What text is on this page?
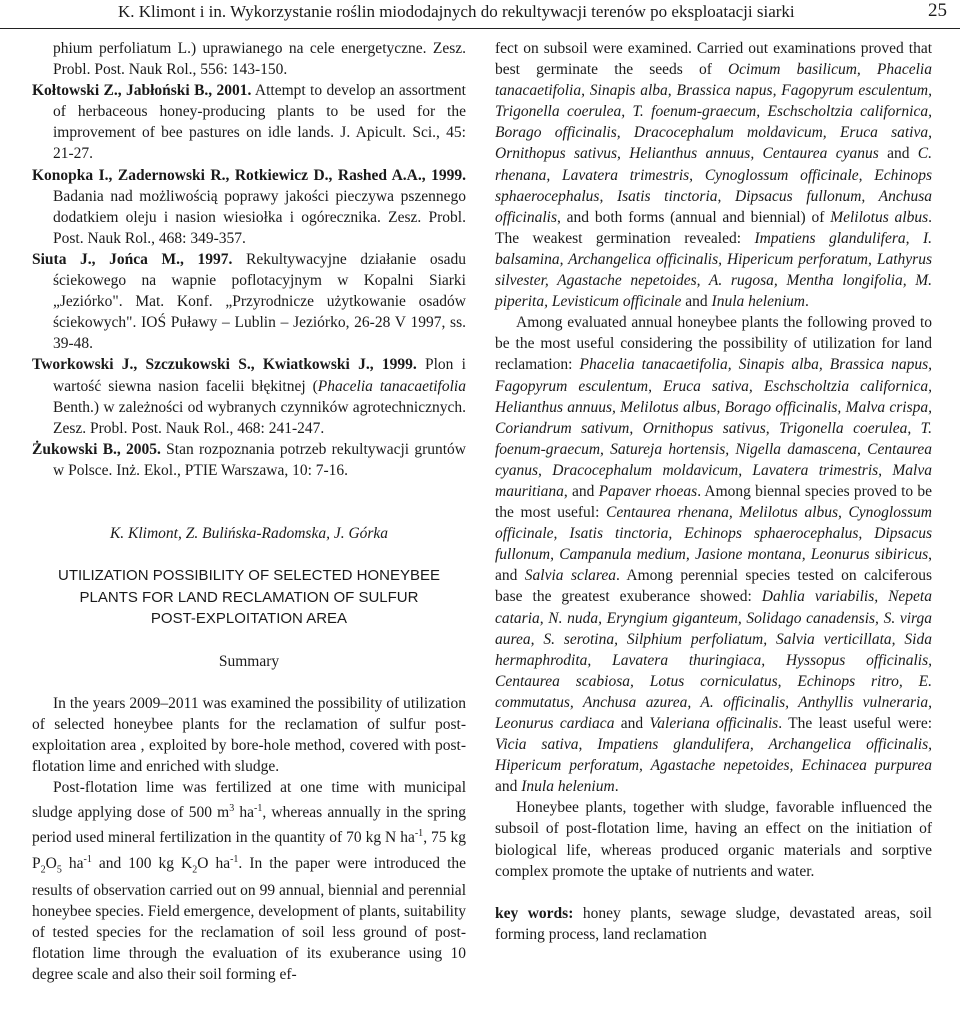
K. Klimont i in. Wykorzystanie roślin miododajnych do rekultywacji terenów po eksploatacji siarki	25

phium perfoliatum L.) uprawianego na cele energetyczne. Zesz. Probl. Post. Nauk Rol., 556: 143-150.

Kołtowski Z., Jabłoński B., 2001. Attempt to develop an assortment of herbaceous honey-producing plants to be used for the improvement of bee pastures on idle lands. J. Apicult. Sci., 45: 21-27.

Konopka I., Zadernowski R., Rotkiewicz D., Rashed A.A., 1999. Badania nad możliwością poprawy jakości pieczywa pszennego dodatkiem oleju i nasion wiesiołka i ogórecznika. Zesz. Probl. Post. Nauk Rol., 468: 349-357.

Siuta J., Jońca M., 1997. Rekultywacyjne działanie osadu ściekowego na wapnie poflotacyjnym w Kopalni Siarki „Jeziórko". Mat. Konf. „Przyrodnicze użytkowanie osadów ściekowych". IOŚ Puławy – Lublin – Jeziórko, 26-28 V 1997, ss. 39-48.

Tworkowski J., Szczukowski S., Kwiatkowski J., 1999. Plon i wartość siewna nasion facelii błękitnej (Phacelia tanacaetifolia Benth.) w zależności od wybranych czynników agrotechnicznych. Zesz. Probl. Post. Nauk Rol., 468: 241-247.

Żukowski B., 2005. Stan rozpoznania potrzeb rekultywacji gruntów w Polsce. Inż. Ekol., PTIE Warszawa, 10: 7-16.

K. Klimont, Z. Bulińska-Radomska, J. Górka

UTILIZATION POSSIBILITY OF SELECTED HONEYBEE
PLANTS FOR LAND RECLAMATION OF SULFUR
POST-EXPLOITATION AREA

Summary

In the years 2009–2011 was examined the possibility of utilization of selected honeybee plants for the reclamation of sulfur post-exploitation area , exploited by bore-hole method, covered with post-flotation lime and enriched with sludge.

Post-flotation lime was fertilized at one time with municipal sludge applying dose of 500 $m^3$ $ha^{-1}$, whereas annually in the spring period used mineral fertilization in the quantity of 70 kg N $ha^{-1}$, 75 kg $P_2O_5$ $ha^{-1}$ and 100 kg $K_2O$ $ha^{-1}$. In the paper were introduced the results of observation carried out on 99 annual, biennial and perennial honeybee species. Field emergence, development of plants, suitability of tested species for the reclamation of soil less ground of post-flotation lime through the evaluation of its exuberance using 10 degree scale and also their soil forming ef-

fect on subsoil were examined. Carried out examinations proved that best germinate the seeds of Ocimum basilicum, Phacelia tanacaetifolia, Sinapis alba, Brassica napus, Fagopyrum esculentum, Trigonella coerulea, T. foenum-graecum, Eschscholtzia californica, Borago officinalis, Dracocephalum moldavicum, Eruca sativa, Ornithopus sativus, Helianthus annuus, Centaurea cyanus and C. rhenana, Lavatera trimestris, Cynoglossum officinale, Echinops sphaerocephalus, Isatis tinctoria, Dipsacus fullonum, Anchusa officinalis, and both forms (annual and biennial) of Melilotus albus. The weakest germination revealed: Impatiens glandulifera, I. balsamina, Archangelica officinalis, Hipericum perforatum, Lathyrus silvester, Agastache nepetoides, A. rugosa, Mentha longifolia, M. piperita, Levisticum officinale and Inula helenium.

Among evaluated annual honeybee plants the following proved to be the most useful considering the possibility of utilization for land reclamation: Phacelia tanacaetifolia, Sinapis alba, Brassica napus, Fagopyrum esculentum, Eruca sativa, Eschscholtzia californica, Helianthus annuus, Melilotus albus, Borago officinalis, Malva crispa, Coriandrum sativum, Ornithopus sativus, Trigonella coerulea, T. foenum-graecum, Satureja hortensis, Nigella damascena, Centaurea cyanus, Dracocephalum moldavicum, Lavatera trimestris, Malva mauritiana, and Papaver rhoeas. Among biennal species proved to be the most useful: Centaurea rhenana, Melilotus albus, Cynoglossum officinale, Isatis tinctoria, Echinops sphaerocephalus, Dipsacus fullonum, Campanula medium, Jasione montana, Leonurus sibiricus, and Salvia sclarea. Among perennial species tested on calciferous base the greatest exuberance showed: Dahlia variabilis, Nepeta cataria, N. nuda, Eryngium giganteum, Solidago canadensis, S. virga aurea, S. serotina, Silphium perfoliatum, Salvia verticillata, Sida hermaphrodita, Lavatera thuringiaca, Hyssopus officinalis, Centaurea scabiosa, Lotus corniculatus, Echinops ritro, E. commutatus, Anchusa azurea, A. officinalis, Anthyllis vulneraria, Leonurus cardiaca and Valeriana officinalis. The least useful were: Vicia sativa, Impatiens glandulifera, Archangelica officinalis, Hipericum perforatum, Agastache nepetoides, Echinacea purpurea and Inula helenium.

Honeybee plants, together with sludge, favorable influenced the subsoil of post-flotation lime, having an effect on the initiation of biological life, whereas produced organic materials and sorptive complex promote the uptake of nutrients and water.

key words: honey plants, sewage sludge, devastated areas, soil forming process, land reclamation
